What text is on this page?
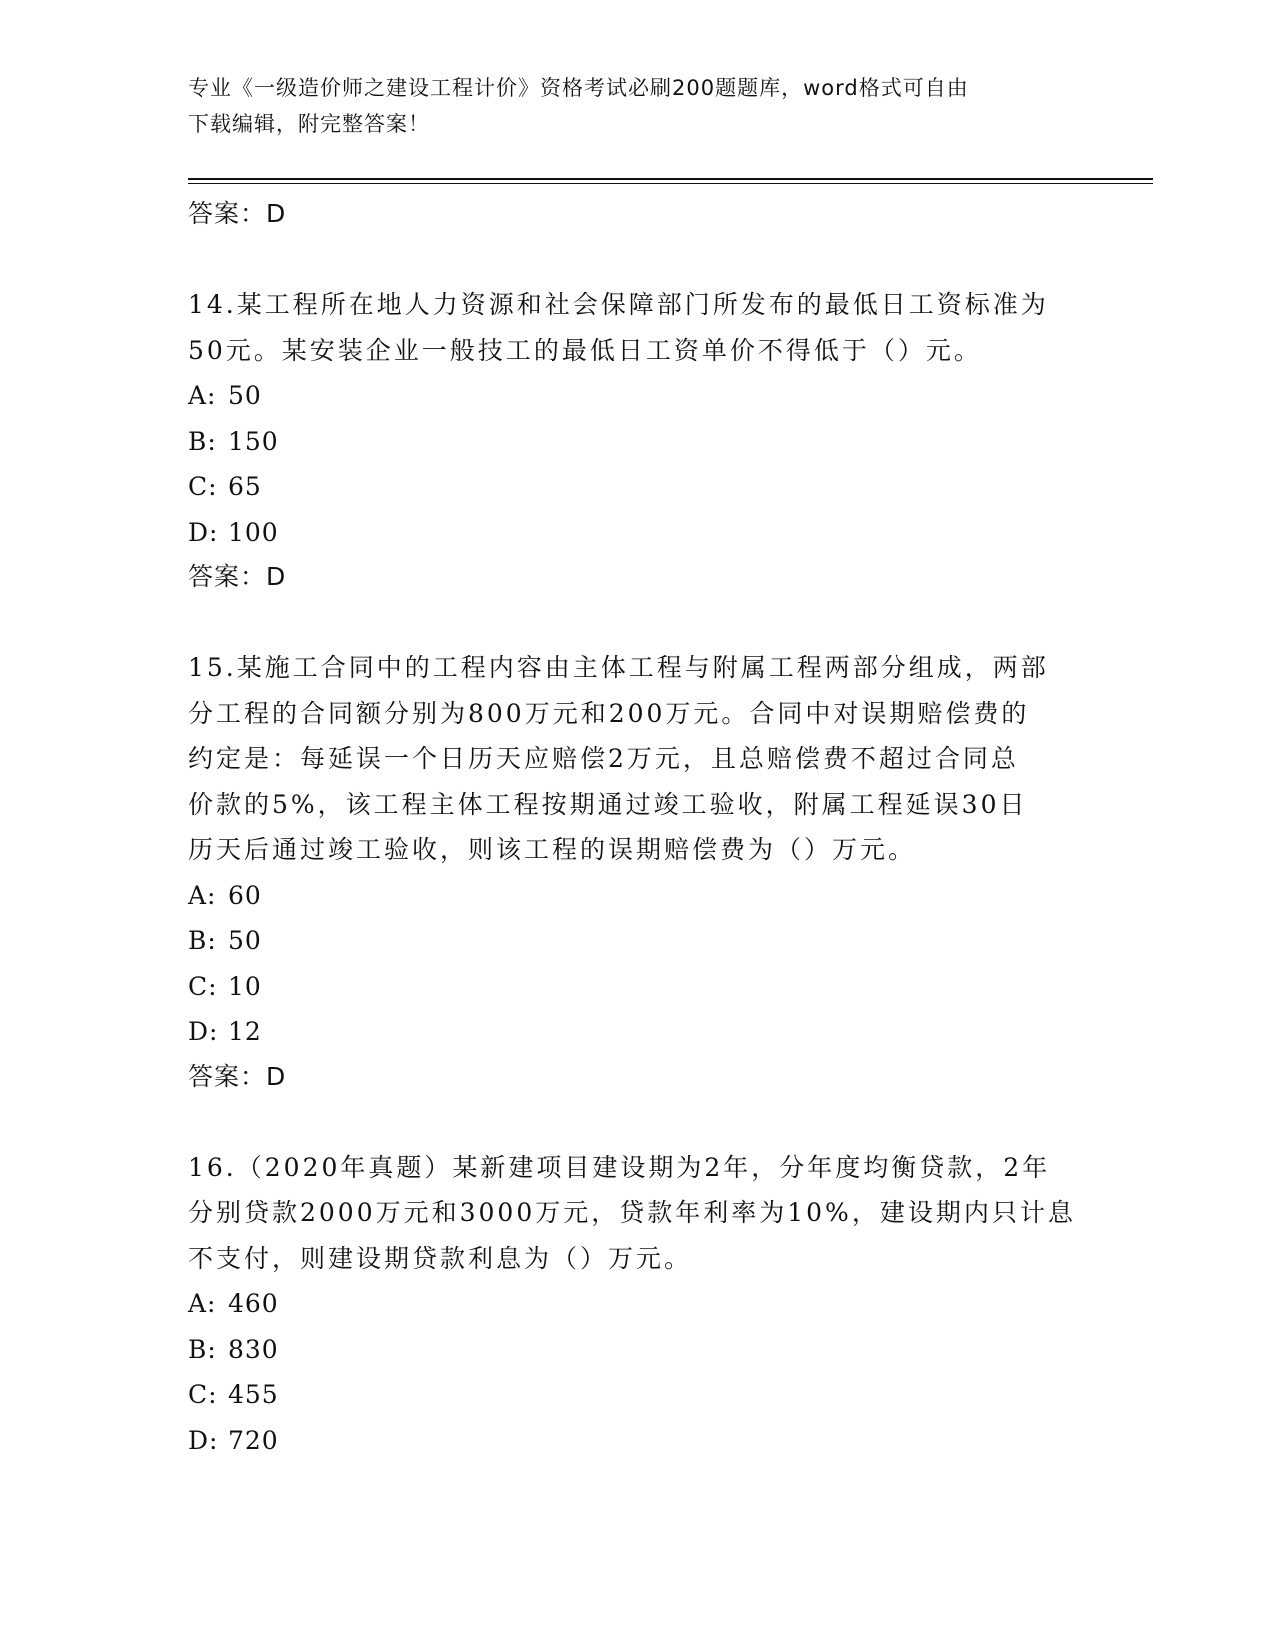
专业《一级造价师之建设工程计价》资格考试必刷200题题库，word格式可自由
下载编辑，附完整答案！
答案：D

14.某工程所在地人力资源和社会保障部门所发布的最低日工资标准为
50元。某安装企业一般技工的最低日工资单价不得低于（）元。

A: 50
B: 150
C: 65
D: 100
答案：D

15.某施工合同中的工程内容由主体工程与附属工程两部分组成，两部
分工程的合同额分别为800万元和200万元。合同中对误期赔偿费的
约定是：每延误一个日历天应赔偿2万元，且总赔偿费不超过合同总
价款的5%，该工程主体工程按期通过竣工验收，附属工程延误30日
历天后通过竣工验收，则该工程的误期赔偿费为（）万元。

A: 60
B: 50
C: 10
D: 12
答案：D

16.（2020年真题）某新建项目建设期为2年，分年度均衡贷款，2年
分别贷款2000万元和3000万元，贷款年利率为10%，建设期内只计息
不支付，则建设期贷款利息为（）万元。

A: 460
B: 830
C: 455
D: 720
